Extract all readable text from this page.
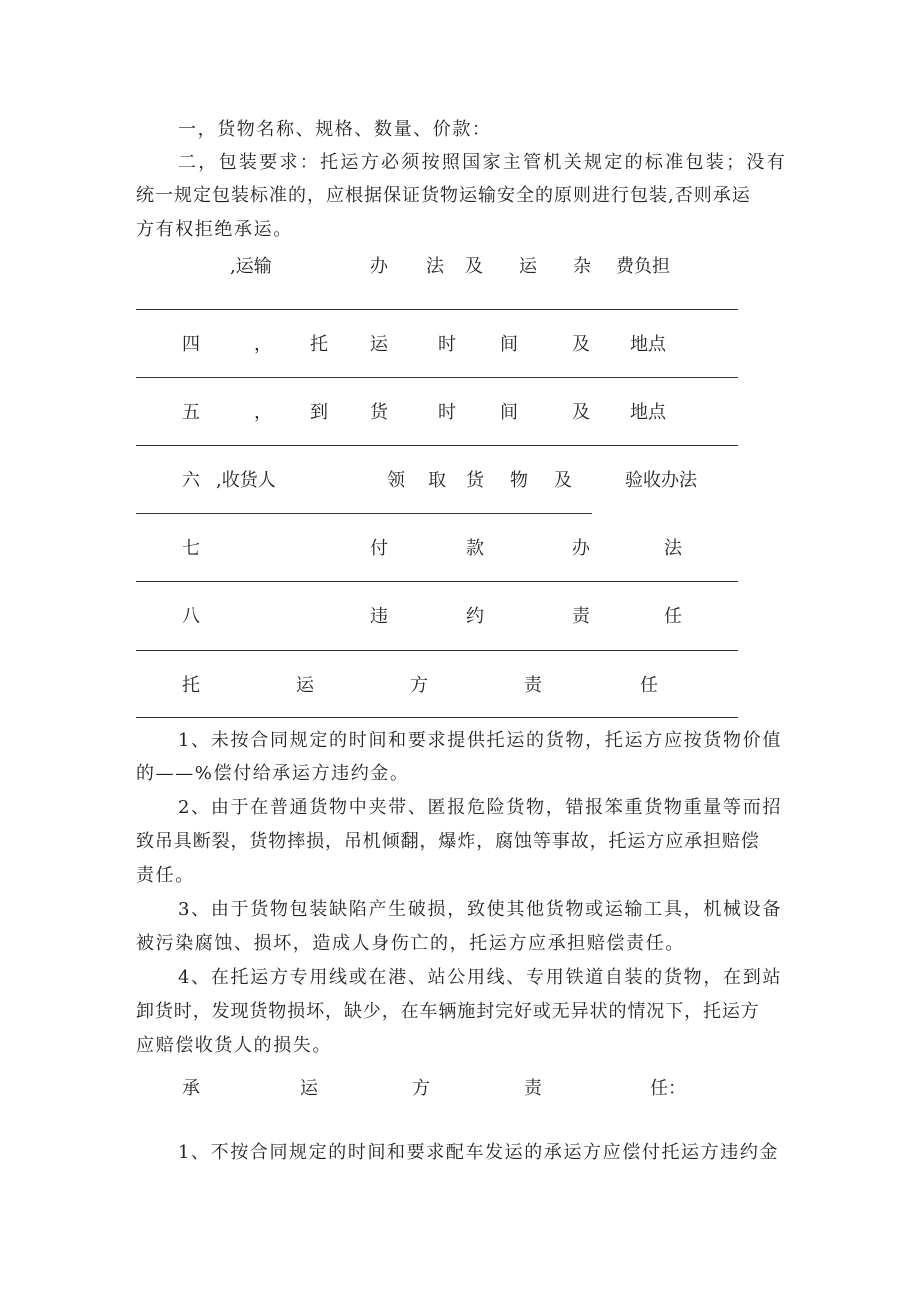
一，货物名称、规格、数量、价款：
二，包装要求：托运方必须按照国家主管机关规定的标准包装；没有
统一规定包装标准的，应根据保证货物运输安全的原则进行包装,否则承运
方有权拒绝承运。
,运输	办 法 及 运 杂 费负担
四	， 托 运	时 间	及 地点
五	， 到 货	时 间	及 地点
六 ,收货人	领 取 货 物 及	验收办法
七	付	款	办	法
八	违	约	责	任
托	运	方	责	任
1、未按合同规定的时间和要求提供托运的货物，托运方应按货物价值
的——%偿付给承运方违约金。
2、由于在普通货物中夹带、匿报危险货物，错报笨重货物重量等而招
致吊具断裂，货物摔损，吊机倾翻，爆炸，腐蚀等事故，托运方应承担赔偿
责任。
3、由于货物包装缺陷产生破损，致使其他货物或运输工具，机械设备
被污染腐蚀、损坏，造成人身伤亡的，托运方应承担赔偿责任。
4、在托运方专用线或在港、站公用线、专用铁道自装的货物，在到站
卸货时，发现货物损坏，缺少，在车辆施封完好或无异状的情况下，托运方
应赔偿收货人的损失。
承	运	方	责	任：
1、不按合同规定的时间和要求配车发运的承运方应偿付托运方违约金
